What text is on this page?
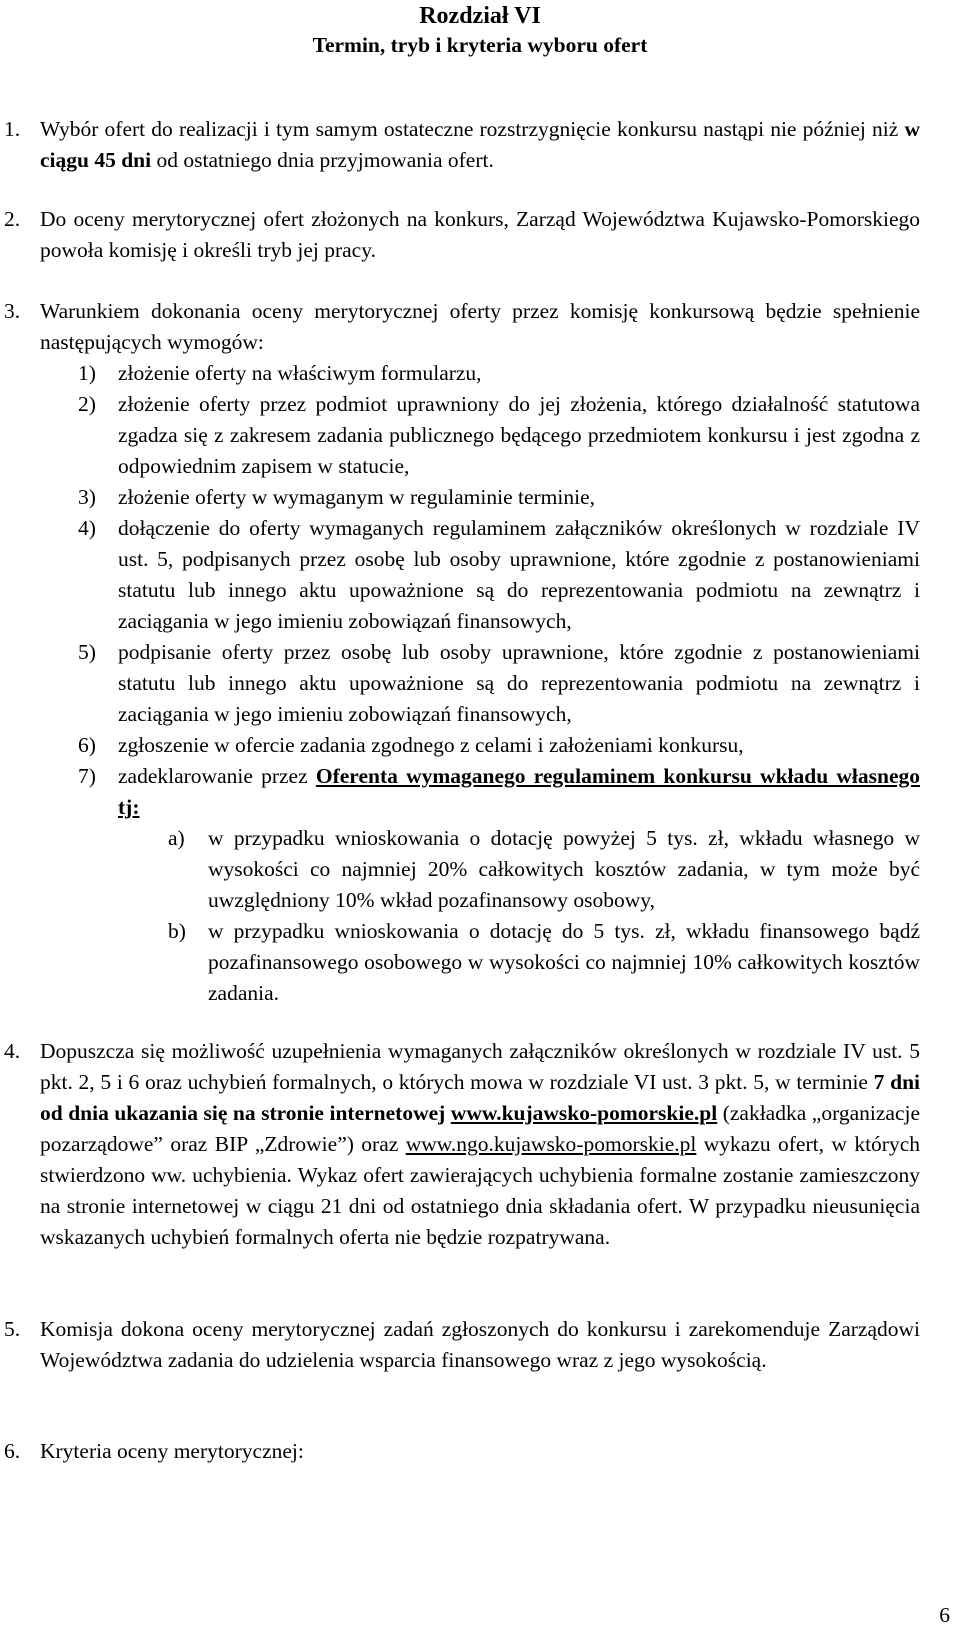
Rozdział VI
Termin, tryb i kryteria wyboru ofert
1. Wybór ofert do realizacji i tym samym ostateczne rozstrzygnięcie konkursu nastąpi nie później niż w ciągu 45 dni od ostatniego dnia przyjmowania ofert.
2. Do oceny merytorycznej ofert złożonych na konkurs, Zarząd Województwa Kujawsko-Pomorskiego powoła komisję i określi tryb jej pracy.
3. Warunkiem dokonania oceny merytorycznej oferty przez komisję konkursową będzie spełnienie następujących wymogów:
1) złożenie oferty na właściwym formularzu,
2) złożenie oferty przez podmiot uprawniony do jej złożenia, którego działalność statutowa zgadza się z zakresem zadania publicznego będącego przedmiotem konkursu i jest zgodna z odpowiednim zapisem w statucie,
3) złożenie oferty w wymaganym w regulaminie terminie,
4) dołączenie do oferty wymaganych regulaminem załączników określonych w rozdziale IV ust. 5, podpisanych przez osobę lub osoby uprawnione, które zgodnie z postanowieniami statutu lub innego aktu upoważnione są do reprezentowania podmiotu na zewnątrz i zaciągania w jego imieniu zobowiązań finansowych,
5) podpisanie oferty przez osobę lub osoby uprawnione, które zgodnie z postanowieniami statutu lub innego aktu upoważnione są do reprezentowania podmiotu na zewnątrz i zaciągania w jego imieniu zobowiązań finansowych,
6) zgłoszenie w ofercie zadania zgodnego z celami i założeniami konkursu,
7) zadeklarowanie przez Oferenta wymaganego regulaminem konkursu wkładu własnego tj:
a) w przypadku wnioskowania o dotację powyżej 5 tys. zł, wkładu własnego w wysokości co najmniej 20% całkowitych kosztów zadania, w tym może być uwzględniony 10% wkład pozafinansowy osobowy,
b) w przypadku wnioskowania o dotację do 5 tys. zł, wkładu finansowego bądź pozafinansowego osobowego w wysokości co najmniej 10% całkowitych kosztów zadania.
4. Dopuszcza się możliwość uzupełnienia wymaganych załączników określonych w rozdziale IV ust. 5 pkt. 2, 5 i 6 oraz uchybień formalnych, o których mowa w rozdziale VI ust. 3 pkt. 5, w terminie 7 dni od dnia ukazania się na stronie internetowej www.kujawsko-pomorskie.pl (zakładka „organizacje pozarządowe” oraz BIP „Zdrowie”) oraz www.ngo.kujawsko-pomorskie.pl wykazu ofert, w których stwierdzono ww. uchybienia. Wykaz ofert zawierających uchybienia formalne zostanie zamieszczony na stronie internetowej w ciągu 21 dni od ostatniego dnia składania ofert. W przypadku nieusunięcia wskazanych uchybień formalnych oferta nie będzie rozpatrywana.
5. Komisja dokona oceny merytorycznej zadań zgłoszonych do konkursu i zarekomenduje Zarządowi Województwa zadania do udzielenia wsparcia finansowego wraz z jego wysokością.
6. Kryteria oceny merytorycznej:
6
